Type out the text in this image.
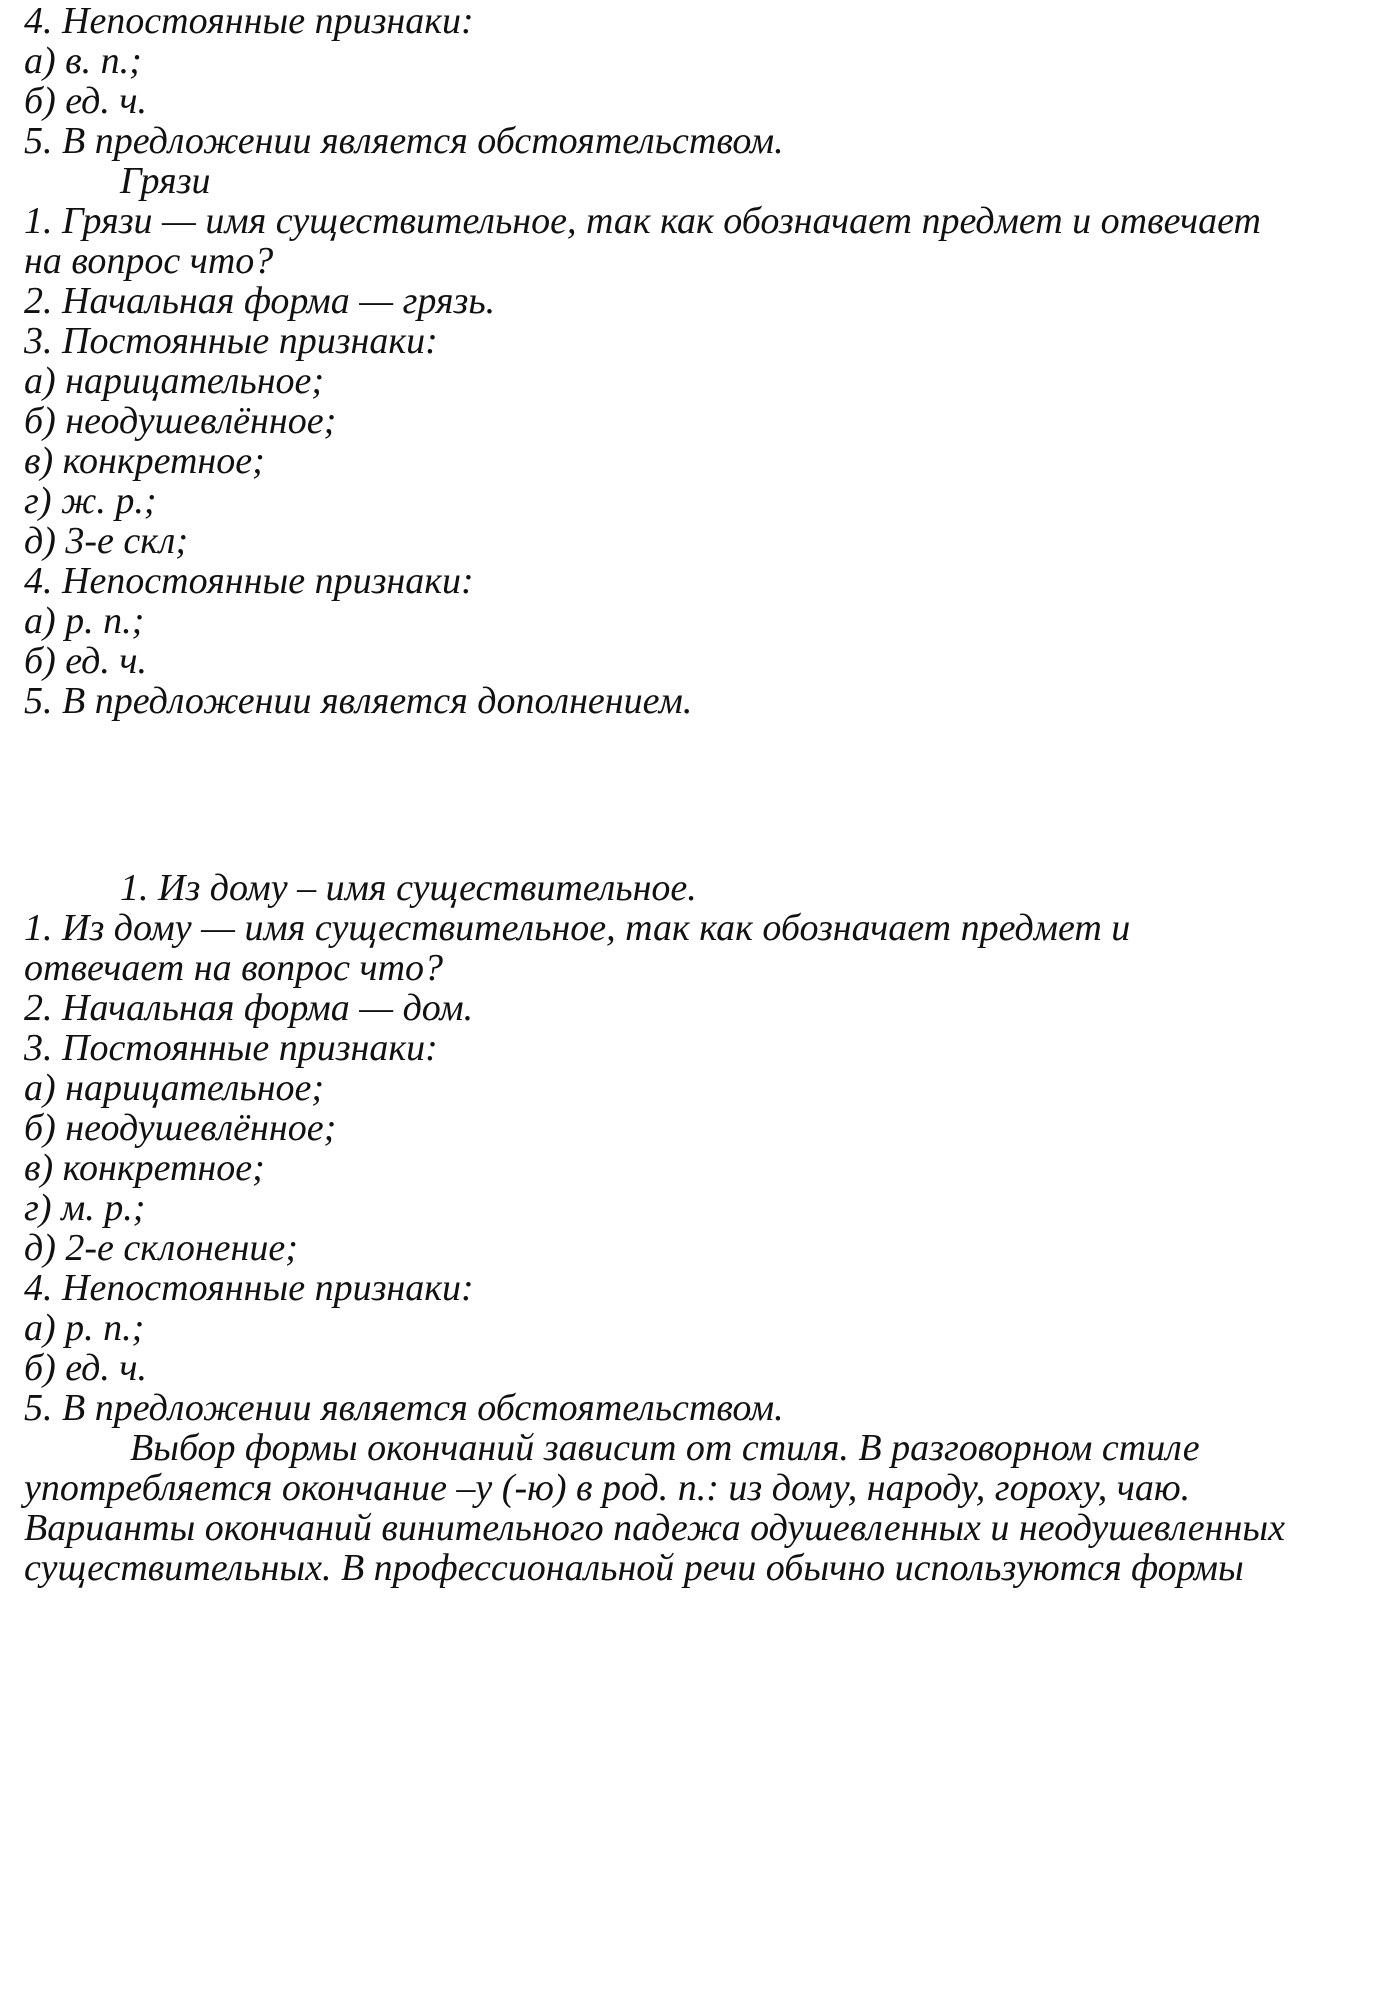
4. Непостоянные признаки:
а) в. п.;
б) ед. ч.
5. В предложении является обстоятельством.
Грязи
1. Грязи — имя существительное, так как обозначает предмет и отвечает
на вопрос что?
2. Начальная форма — грязь.
3. Постоянные признаки:
а) нарицательное;
б) неодушевлённое;
в) конкретное;
г) ж. р.;
д) 3-е скл;
4. Непостоянные признаки:
а) р. п.;
б) ед. ч.
5. В предложении является дополнением.
1. Из дому – имя существительное.
1. Из дому — имя существительное, так как обозначает предмет и
отвечает на вопрос что?
2. Начальная форма — дом.
3. Постоянные признаки:
а) нарицательное;
б) неодушевлённое;
в) конкретное;
г) м. р.;
д) 2-е склонение;
4. Непостоянные признаки:
а) р. п.;
б) ед. ч.
5. В предложении является обстоятельством.
Выбор формы окончаний зависит от стиля. В разговорном стиле
употребляется окончание –у (-ю) в род. п.: из дому, народу, гороху, чаю.
Варианты окончаний винительного падежа одушевленных и неодушевленных
существительных. В профессиональной речи обычно используются формы
